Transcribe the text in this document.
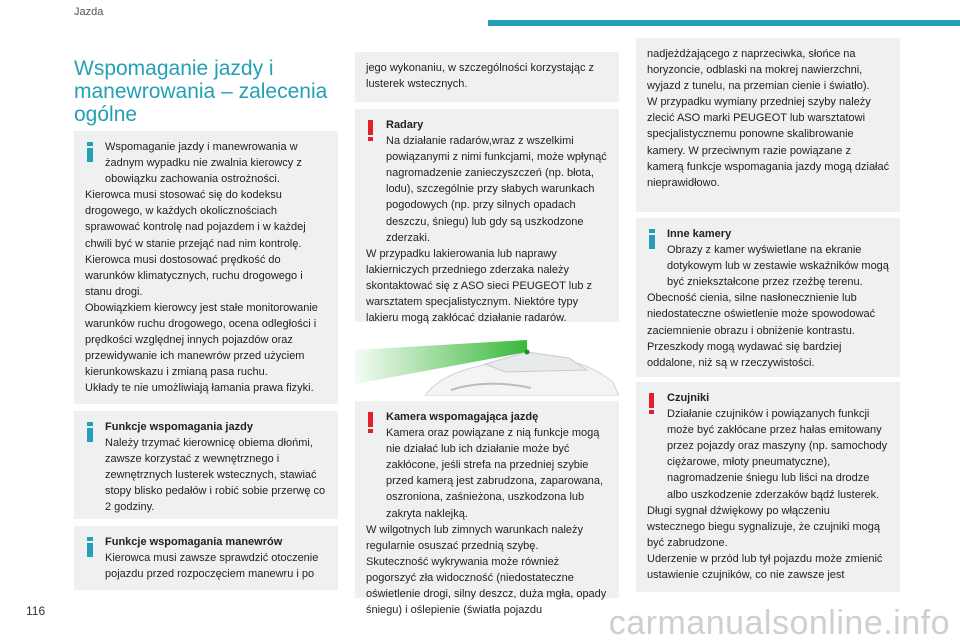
Jazda
Wspomaganie jazdy i manewrowania – zalecenia ogólne

Wspomaganie jazdy i manewrowania w żadnym wypadku nie zwalnia kierowcy z obowiązku zachowania ostrożności.

Kierowca musi stosować się do kodeksu drogowego, w każdych okolicznościach sprawować kontrolę nad pojazdem i w każdej chwili być w stanie przejąć nad nim kontrolę.

Kierowca musi dostosować prędkość do warunków klimatycznych, ruchu drogowego i stanu drogi.

Obowiązkiem kierowcy jest stałe monitorowanie warunków ruchu drogowego, ocena odległości i prędkości względnej innych pojazdów oraz przewidywanie ich manewrów przed użyciem kierunkowskazu i zmianą pasa ruchu.

Układy te nie umożliwiają łamania prawa fizyki.

Funkcje wspomagania jazdy

Należy trzymać kierownicę obiema dłońmi, zawsze korzystać z wewnętrznego i zewnętrznych lusterek wstecznych, stawiać stopy blisko pedałów i robić sobie przerwę co 2 godziny.

Funkcje wspomagania manewrów

Kierowca musi zawsze sprawdzić otoczenie pojazdu przed rozpoczęciem manewru i po

jego wykonaniu, w szczególności korzystając z lusterek wstecznych.

Radary

Na działanie radarów,wraz z wszelkimi powiązanymi z nimi funkcjami, może wpłynąć nagromadzenie zanieczyszczeń (np. błota, lodu), szczególnie przy słabych warunkach pogodowych (np. przy silnych opadach deszczu, śniegu) lub gdy są uszkodzone zderzaki.

W przypadku lakierowania lub naprawy lakierniczych przedniego zderzaka należy skontaktować się z ASO sieci PEUGEOT lub z warsztatem specjalistycznym. Niektóre typy lakieru mogą zakłócać działanie radarów.

Kamera wspomagająca jazdę

Kamera oraz powiązane z nią funkcje mogą nie działać lub ich działanie może być zakłócone, jeśli strefa na przedniej szybie przed kamerą jest zabrudzona, zaparowana, oszroniona, zaśnieżona, uszkodzona lub zakryta naklejką.

W wilgotnych lub zimnych warunkach należy regularnie osuszać przednią szybę.

Skuteczność wykrywania może również pogorszyć zła widoczność (niedostateczne oświetlenie drogi, silny deszcz, duża mgła, opady śniegu) i oślepienie (światła pojazdu

nadjeżdżającego z naprzeciwka, słońce na horyzoncie, odblaski na mokrej nawierzchni, wyjazd z tunelu, na przemian cienie i światło).

W przypadku wymiany przedniej szyby należy zlecić ASO marki PEUGEOT lub warsztatowi specjalistycznemu ponowne skalibrowanie kamery. W przeciwnym razie powiązane z kamerą funkcje wspomagania jazdy mogą działać nieprawidłowo.

Inne kamery

Obrazy z kamer wyświetlane na ekranie dotykowym lub w zestawie wskaźników mogą być zniekształcone przez rzeźbę terenu.

Obecność cienia, silne nasłonecznienie lub niedostateczne oświetlenie może spowodować zaciemnienie obrazu i obniżenie kontrastu.

Przeszkody mogą wydawać się bardziej oddalone, niż są w rzeczywistości.

Czujniki

Działanie czujników i powiązanych funkcji może być zakłócane przez hałas emitowany przez pojazdy oraz maszyny (np. samochody ciężarowe, młoty pneumatyczne), nagromadzenie śniegu lub liści na drodze albo uszkodzenie zderzaków bądź lusterek.

Długi sygnał dźwiękowy po włączeniu wstecznego biegu sygnalizuje, że czujniki mogą być zabrudzone.

Uderzenie w przód lub tył pojazdu może zmienić ustawienie czujników, co nie zawsze jest

116	carmanualsonline.info
